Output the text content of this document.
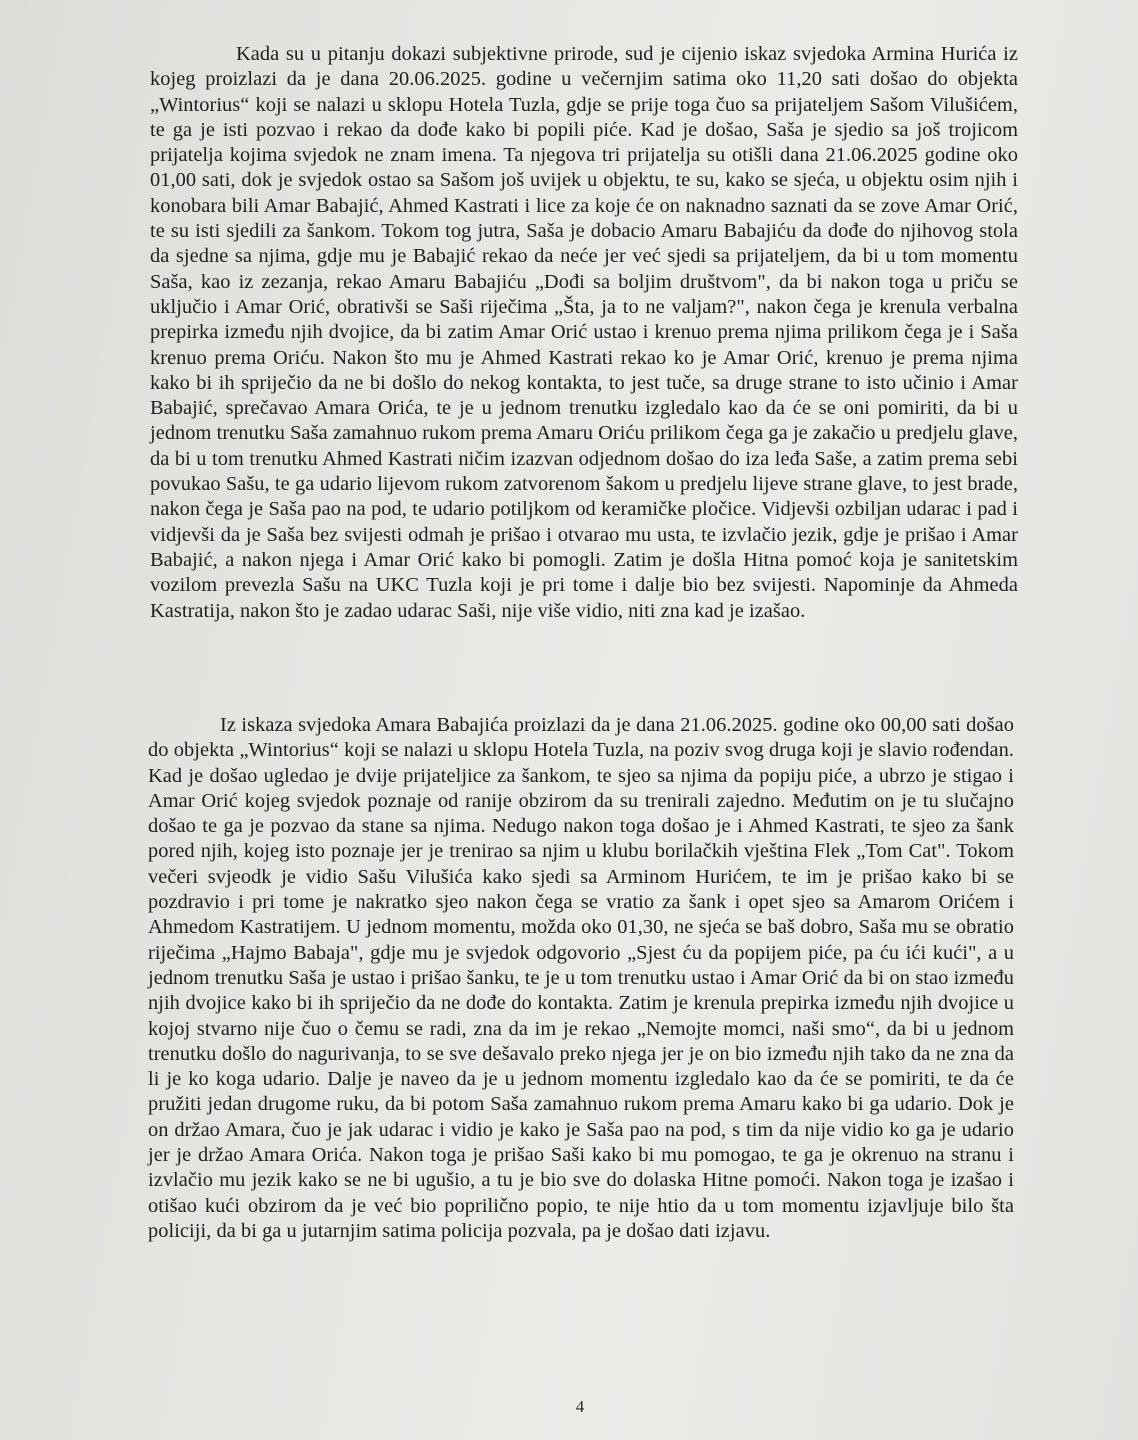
Kada su u pitanju dokazi subjektivne prirode, sud je cijenio iskaz svjedoka Armina Hurića iz kojeg proizlazi da je dana 20.06.2025. godine u večernjim satima oko 11,20 sati došao do objekta „Wintorius“ koji se nalazi u sklopu Hotela Tuzla, gdje se prije toga čuo sa prijateljem Sašom Vilušićem, te ga je isti pozvao i rekao da dođe kako bi popili piće. Kad je došao, Saša je sjedio sa još trojicom prijatelja kojima svjedok ne znam imena. Ta njegova tri prijatelja su otišli dana 21.06.2025 godine oko 01,00 sati, dok je svjedok ostao sa Sašom još uvijek u objektu, te su, kako se sjeća, u objektu osim njih i konobara bili Amar Babajić, Ahmed Kastrati i lice za koje će on naknadno saznati da se zove Amar Orić, te su isti sjedili za šankom. Tokom tog jutra, Saša je dobacio Amaru Babajiću da dođe do njihovog stola da sjedne sa njima, gdje mu je Babajić rekao da neće jer već sjedi sa prijateljem, da bi u tom momentu Saša, kao iz zezanja, rekao Amaru Babajiću „Dođi sa boljim društvom", da bi nakon toga u priču se uključio i Amar Orić, obrativši se Saši riječima „Šta, ja to ne valjam?", nakon čega je krenula verbalna prepirka između njih dvojice, da bi zatim Amar Orić ustao i krenuo prema njima prilikom čega je i Saša krenuo prema Oriću. Nakon što mu je Ahmed Kastrati rekao ko je Amar Orić, krenuo je prema njima kako bi ih spriječio da ne bi došlo do nekog kontakta, to jest tuče, sa druge strane to isto učinio i Amar Babajić, sprečavao Amara Orića, te je u jednom trenutku izgledalo kao da će se oni pomiriti, da bi u jednom trenutku Saša zamahnuo rukom prema Amaru Oriću prilikom čega ga je zakačio u predjelu glave, da bi u tom trenutku Ahmed Kastrati ničim izazvan odjednom došao do iza leđa Saše, a zatim prema sebi povukao Sašu, te ga udario lijevom rukom zatvorenom šakom u predjelu lijeve strane glave, to jest brade, nakon čega je Saša pao na pod, te udario potiljkom od keramičke pločice. Vidjevši ozbiljan udarac i pad i vidjevši da je Saša bez svijesti odmah je prišao i otvarao mu usta, te izvlačio jezik, gdje je prišao i Amar Babajić, a nakon njega i Amar Orić kako bi pomogli. Zatim je došla Hitna pomoć koja je sanitetskim vozilom prevezla Sašu na UKC Tuzla koji je pri tome i dalje bio bez svijesti. Napominje da Ahmeda Kastratija, nakon što je zadao udarac Saši, nije više vidio, niti zna kad je izašao.

Iz iskaza svjedoka Amara Babajića proizlazi da je dana 21.06.2025. godine oko 00,00 sati došao do objekta „Wintorius“ koji se nalazi u sklopu Hotela Tuzla, na poziv svog druga koji je slavio rođendan. Kad je došao ugledao je dvije prijateljice za šankom, te sjeo sa njima da popiju piće, a ubrzo je stigao i Amar Orić kojeg svjedok poznaje od ranije obzirom da su trenirali zajedno. Međutim on je tu slučajno došao te ga je pozvao da stane sa njima. Nedugo nakon toga došao je i Ahmed Kastrati, te sjeo za šank pored njih, kojeg isto poznaje jer je trenirao sa njim u klubu borilačkih vještina Flek „Tom Cat". Tokom večeri svjeodk je vidio Sašu Vilušića kako sjedi sa Arminom Hurićem, te im je prišao kako bi se pozdravio i pri tome je nakratko sjeo nakon čega se vratio za šank i opet sjeo sa Amarom Orićem i Ahmedom Kastratijem. U jednom momentu, možda oko 01,30, ne sjeća se baš dobro, Saša mu se obratio riječima „Hajmo Babaja", gdje mu je svjedok odgovorio „Sjest ću da popijem piće, pa ću ići kući", a u jednom trenutku Saša je ustao i prišao šanku, te je u tom trenutku ustao i Amar Orić da bi on stao između njih dvojice kako bi ih spriječio da ne dođe do kontakta. Zatim je krenula prepirka između njih dvojice u kojoj stvarno nije čuo o čemu se radi, zna da im je rekao „Nemojte momci, naši smo“, da bi u jednom trenutku došlo do nagurivanja, to se sve dešavalo preko njega jer je on bio između njih tako da ne zna da li je ko koga udario. Dalje je naveo da je u jednom momentu izgledalo kao da će se pomiriti, te da će pružiti jedan drugome ruku, da bi potom Saša zamahnuo rukom prema Amaru kako bi ga udario. Dok je on držao Amara, čuo je jak udarac i vidio je kako je Saša pao na pod, s tim da nije vidio ko ga je udario jer je držao Amara Orića. Nakon toga je prišao Saši kako bi mu pomogao, te ga je okrenuo na stranu i izvlačio mu jezik kako se ne bi ugušio, a tu je bio sve do dolaska Hitne pomoći. Nakon toga je izašao i otišao kući obzirom da je već bio poprilično popio, te nije htio da u tom momentu izjavljuje bilo šta policiji, da bi ga u jutarnjim satima policija pozvala, pa je došao dati izjavu.

4
